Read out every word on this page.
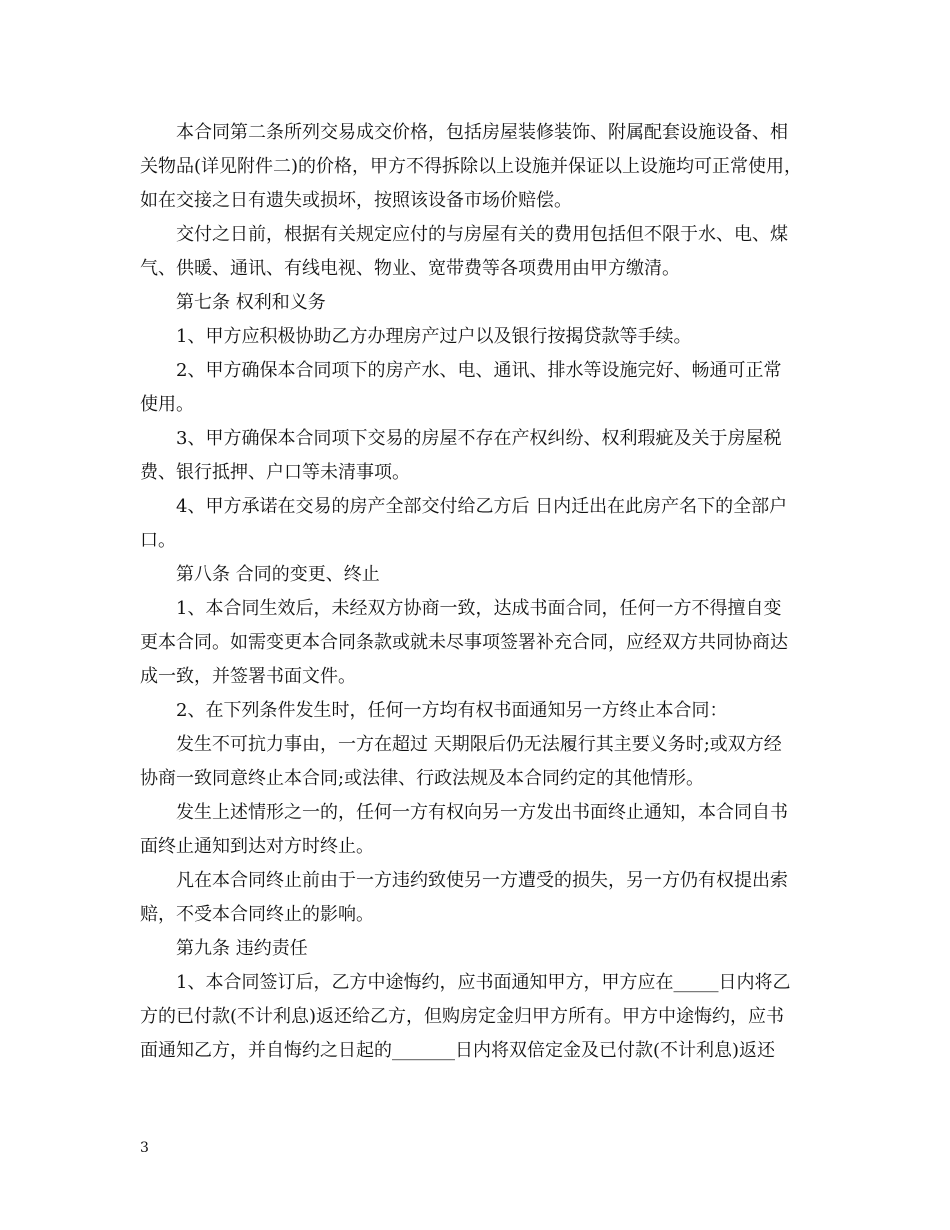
本合同第二条所列交易成交价格，包括房屋装修装饰、附属配套设施设备、相
关物品(详见附件二)的价格，甲方不得拆除以上设施并保证以上设施均可正常使用，
如在交接之日有遗失或损坏，按照该设备市场价赔偿。

交付之日前，根据有关规定应付的与房屋有关的费用包括但不限于水、电、煤
气、供暖、通讯、有线电视、物业、宽带费等各项费用由甲方缴清。

第七条 权利和义务

1、甲方应积极协助乙方办理房产过户以及银行按揭贷款等手续。

2、甲方确保本合同项下的房产水、电、通讯、排水等设施完好、畅通可正常
使用。

3、甲方确保本合同项下交易的房屋不存在产权纠纷、权利瑕疵及关于房屋税
费、银行抵押、户口等未清事项。

4、甲方承诺在交易的房产全部交付给乙方后 日内迁出在此房产名下的全部户
口。

第八条 合同的变更、终止

1、本合同生效后，未经双方协商一致，达成书面合同，任何一方不得擅自变
更本合同。如需变更本合同条款或就未尽事项签署补充合同，应经双方共同协商达
成一致，并签署书面文件。

2、在下列条件发生时，任何一方均有权书面通知另一方终止本合同：

发生不可抗力事由，一方在超过 天期限后仍无法履行其主要义务时;或双方经
协商一致同意终止本合同;或法律、行政法规及本合同约定的其他情形。

发生上述情形之一的，任何一方有权向另一方发出书面终止通知，本合同自书
面终止通知到达对方时终止。

凡在本合同终止前由于一方违约致使另一方遭受的损失，另一方仍有权提出索
赔，不受本合同终止的影响。

第九条 违约责任

1、本合同签订后，乙方中途悔约，应书面通知甲方，甲方应在_____日内将乙
方的已付款(不计利息)返还给乙方，但购房定金归甲方所有。甲方中途悔约，应书
面通知乙方，并自悔约之日起的_______日内将双倍定金及已付款(不计利息)返还

3
